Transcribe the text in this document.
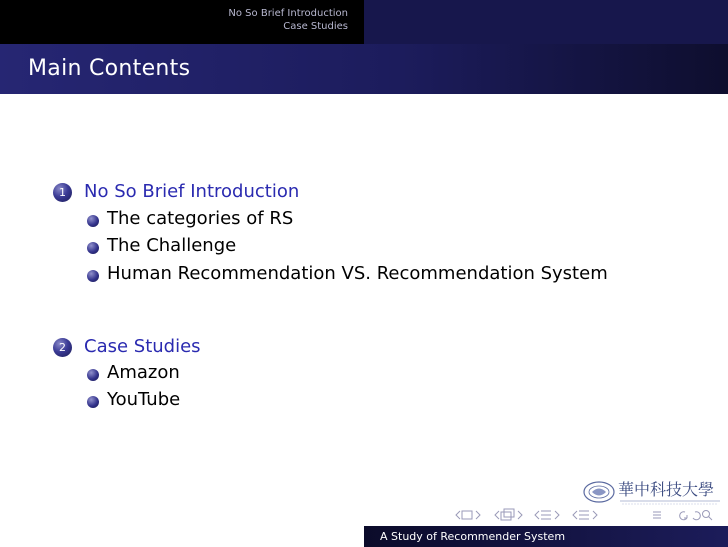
No So Brief Introduction
Case Studies
Main Contents
1	No So Brief Introduction
The categories of RS
The Challenge
Human Recommendation VS. Recommendation System
2	Case Studies
Amazon
YouTube
華中科技大學
A Study of Recommender System
